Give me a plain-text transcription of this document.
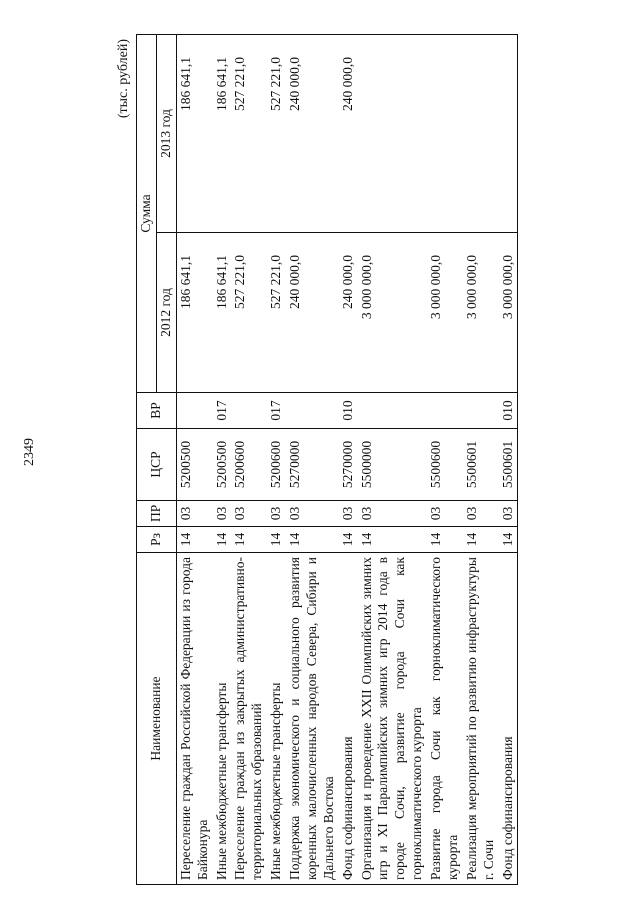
2349
(тыс. рублей)
Наименование	Рз	ПР	ЦСР	ВР	Сумма	
					2012 год	2013 год
Переселение граждан Российской Федерации из города Байконура	14	03	5200500		186 641,1	186 641,1
Иные межбюджетные трансферты	14	03	5200500	017	186 641,1	186 641,1
Переселение граждан из закрытых административно-территориальных образований	14	03	5200600		527 221,0	527 221,0
Иные межбюджетные трансферты	14	03	5200600	017	527 221,0	527 221,0
Поддержка экономического и социального развития коренных малочисленных народов Севера, Сибири и Дальнего Востока	14	03	5270000		240 000,0	240 000,0
Фонд софинансирования	14	03	5270000	010	240 000,0	240 000,0
Организация и проведение XXII Олимпийских зимних игр и XI Паралимпийских зимних игр 2014 года в городе Сочи, развитие города Сочи как горноклиматического курорта	14	03	5500000		3 000 000,0	
Развитие города Сочи как горноклиматического курорта	14	03	5500600		3 000 000,0	
Реализация мероприятий по развитию инфраструктуры г. Сочи	14	03	5500601		3 000 000,0	
Фонд софинансирования	14	03	5500601	010	3 000 000,0	
